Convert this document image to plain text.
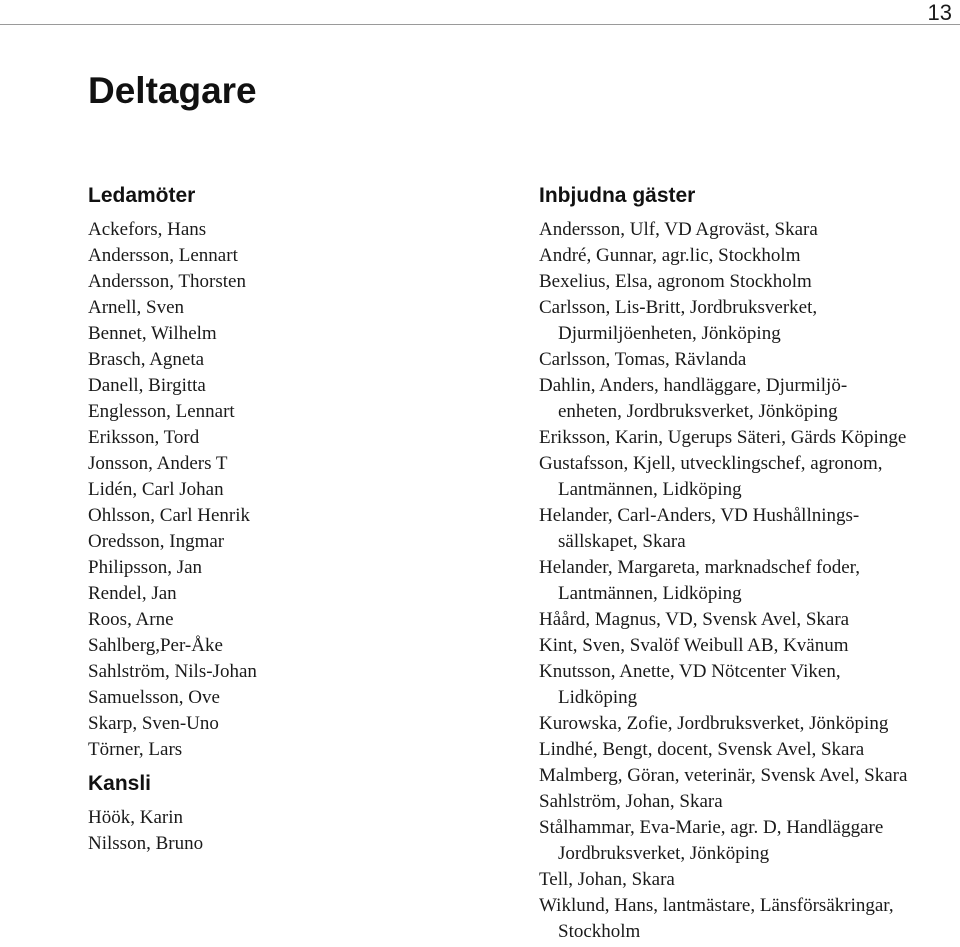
13
Deltagare
Ledamöter
Ackefors, Hans
Andersson, Lennart
Andersson, Thorsten
Arnell, Sven
Bennet, Wilhelm
Brasch, Agneta
Danell, Birgitta
Englesson, Lennart
Eriksson, Tord
Jonsson, Anders T
Lidén, Carl Johan
Ohlsson, Carl Henrik
Oredsson, Ingmar
Philipsson, Jan
Rendel, Jan
Roos, Arne
Sahlberg,Per-Åke
Sahlström, Nils-Johan
Samuelsson, Ove
Skarp, Sven-Uno
Törner, Lars
Kansli
Höök, Karin
Nilsson, Bruno
Inbjudna gäster
Andersson, Ulf, VD Agroväst, Skara
André, Gunnar, agr.lic, Stockholm
Bexelius, Elsa, agronom Stockholm
Carlsson, Lis-Britt, Jordbruksverket,
Djurmiljöenheten, Jönköping
Carlsson, Tomas, Rävlanda
Dahlin, Anders, handläggare, Djurmiljö-
enheten, Jordbruksverket, Jönköping
Eriksson, Karin, Ugerups Säteri, Gärds Köpinge
Gustafsson, Kjell, utvecklingschef, agronom,
Lantmännen, Lidköping
Helander, Carl-Anders, VD Hushållnings-
sällskapet, Skara
Helander, Margareta, marknadschef foder,
Lantmännen, Lidköping
Håård, Magnus, VD, Svensk Avel, Skara
Kint, Sven, Svalöf Weibull AB, Kvänum
Knutsson, Anette, VD Nötcenter Viken,
Lidköping
Kurowska, Zofie, Jordbruksverket, Jönköping
Lindhé, Bengt, docent, Svensk Avel, Skara
Malmberg, Göran, veterinär, Svensk Avel, Skara
Sahlström, Johan, Skara
Stålhammar, Eva-Marie, agr. D, Handläggare
Jordbruksverket, Jönköping
Tell, Johan, Skara
Wiklund, Hans, lantmästare, Länsförsäkringar,
Stockholm
